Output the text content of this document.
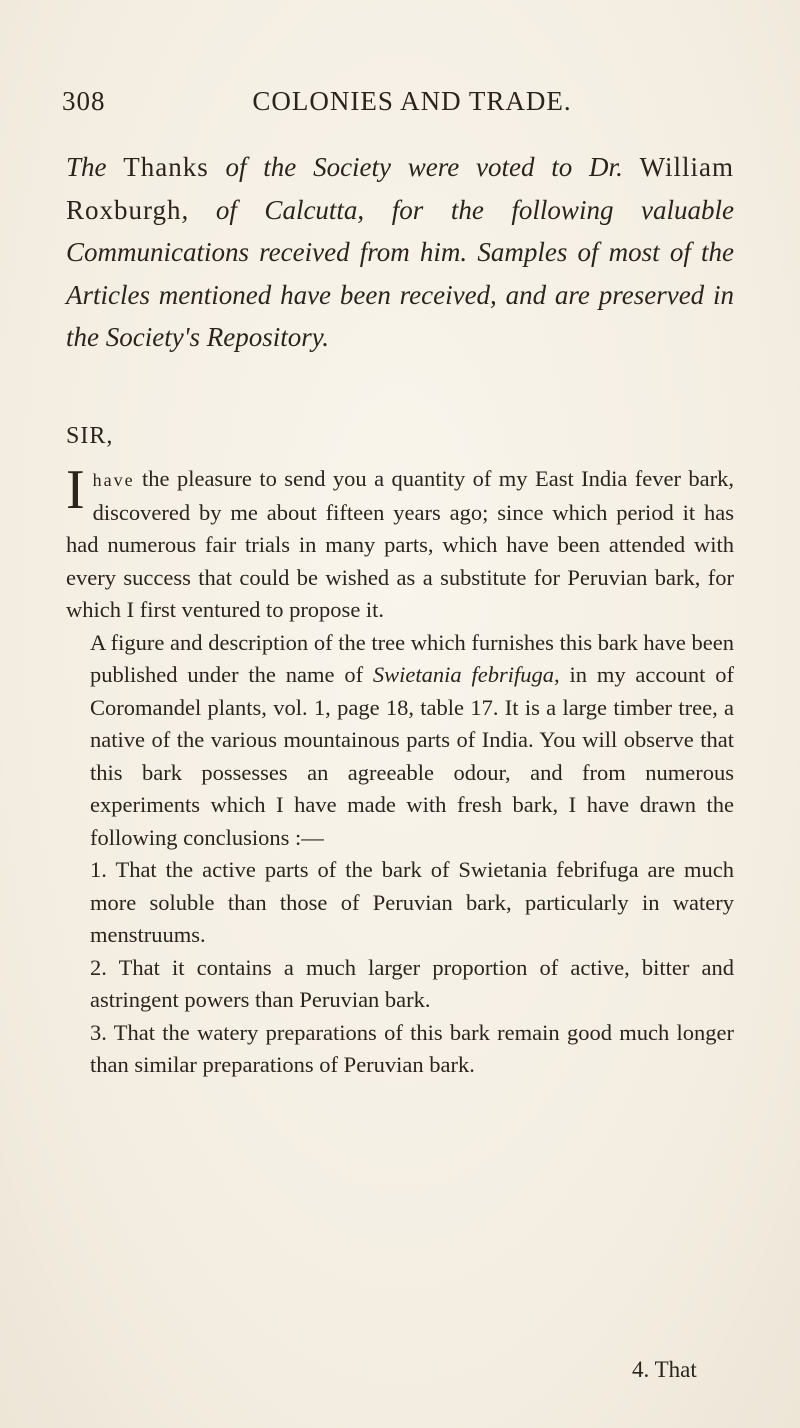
308	COLONIES AND TRADE.
The Thanks of the Society were voted to Dr. William Roxburgh, of Calcutta, for the following valuable Communications received from him. Samples of most of the Articles mentioned have been received, and are preserved in the Society's Repository.
SIR,

Ihave the pleasure to send you a quantity of my East India fever bark, discovered by me about fifteen years ago; since which period it has had numerous fair trials in many parts, which have been attended with every success that could be wished as a substitute for Peruvian bark, for which I first ventured to propose it.

A figure and description of the tree which furnishes this bark have been published under the name of Swietania febrifuga, in my account of Coromandel plants, vol. 1, page 18, table 17. It is a large timber tree, a native of the various mountainous parts of India. You will observe that this bark possesses an agreeable odour, and from numerous experiments which I have made with fresh bark, I have drawn the following conclusions :—

1. That the active parts of the bark of Swietania febrifuga are much more soluble than those of Peruvian bark, particularly in watery menstruums.

2. That it contains a much larger proportion of active, bitter and astringent powers than Peruvian bark.

3. That the watery preparations of this bark remain good much longer than similar preparations of Peruvian bark.

4. That
